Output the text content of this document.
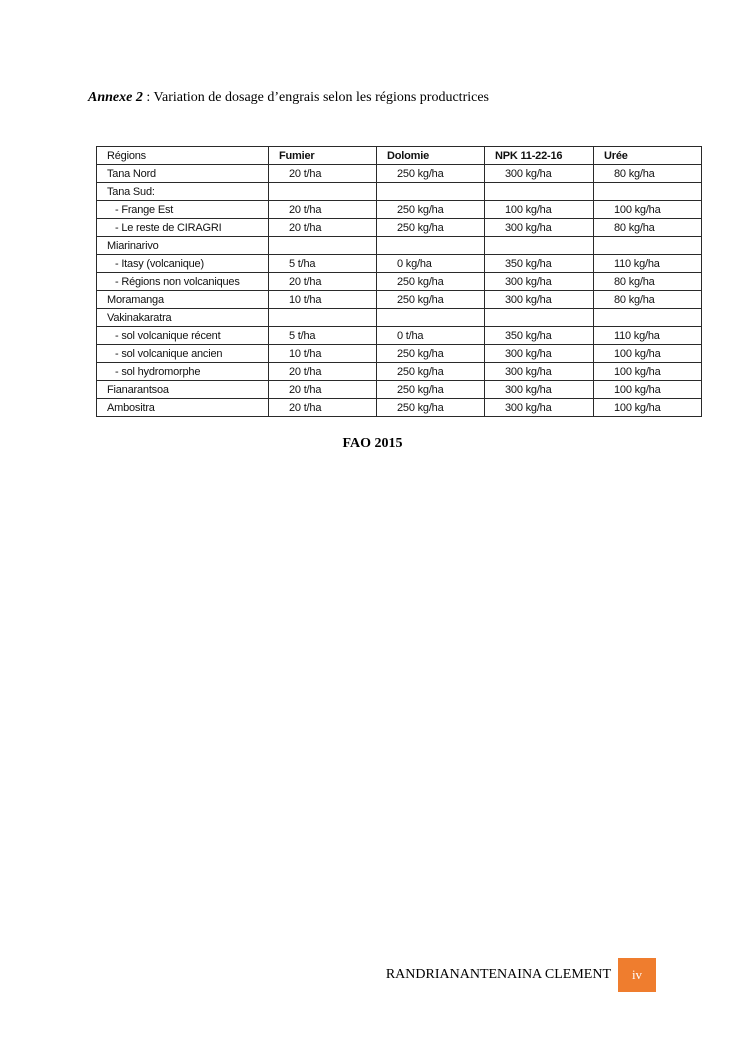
Annexe 2 : Variation de dosage d’engrais selon les régions productrices
Régions	Fumier	Dolomie	NPK 11-22-16	Urée
Tana Nord	20 t/ha	250 kg/ha	300 kg/ha	80 kg/ha
Tana Sud:				
- Frange Est	20 t/ha	250 kg/ha	100 kg/ha	100 kg/ha
- Le reste de CIRAGRI	20 t/ha	250 kg/ha	300 kg/ha	80 kg/ha
Miarinarivo				
- Itasy (volcanique)	5 t/ha	0 kg/ha	350 kg/ha	110 kg/ha
- Régions non volcaniques	20 t/ha	250 kg/ha	300 kg/ha	80 kg/ha
Moramanga	10 t/ha	250 kg/ha	300 kg/ha	80 kg/ha
Vakinakaratra				
- sol volcanique récent	5 t/ha	0 t/ha	350 kg/ha	110 kg/ha
- sol volcanique ancien	10 t/ha	250 kg/ha	300 kg/ha	100 kg/ha
- sol hydromorphe	20 t/ha	250 kg/ha	300 kg/ha	100 kg/ha
Fianarantsoa	20 t/ha	250 kg/ha	300 kg/ha	100 kg/ha
Ambositra	20 t/ha	250 kg/ha	300 kg/ha	100 kg/ha
FAO 2015
RANDRIANANTENAINA CLEMENT	iv
